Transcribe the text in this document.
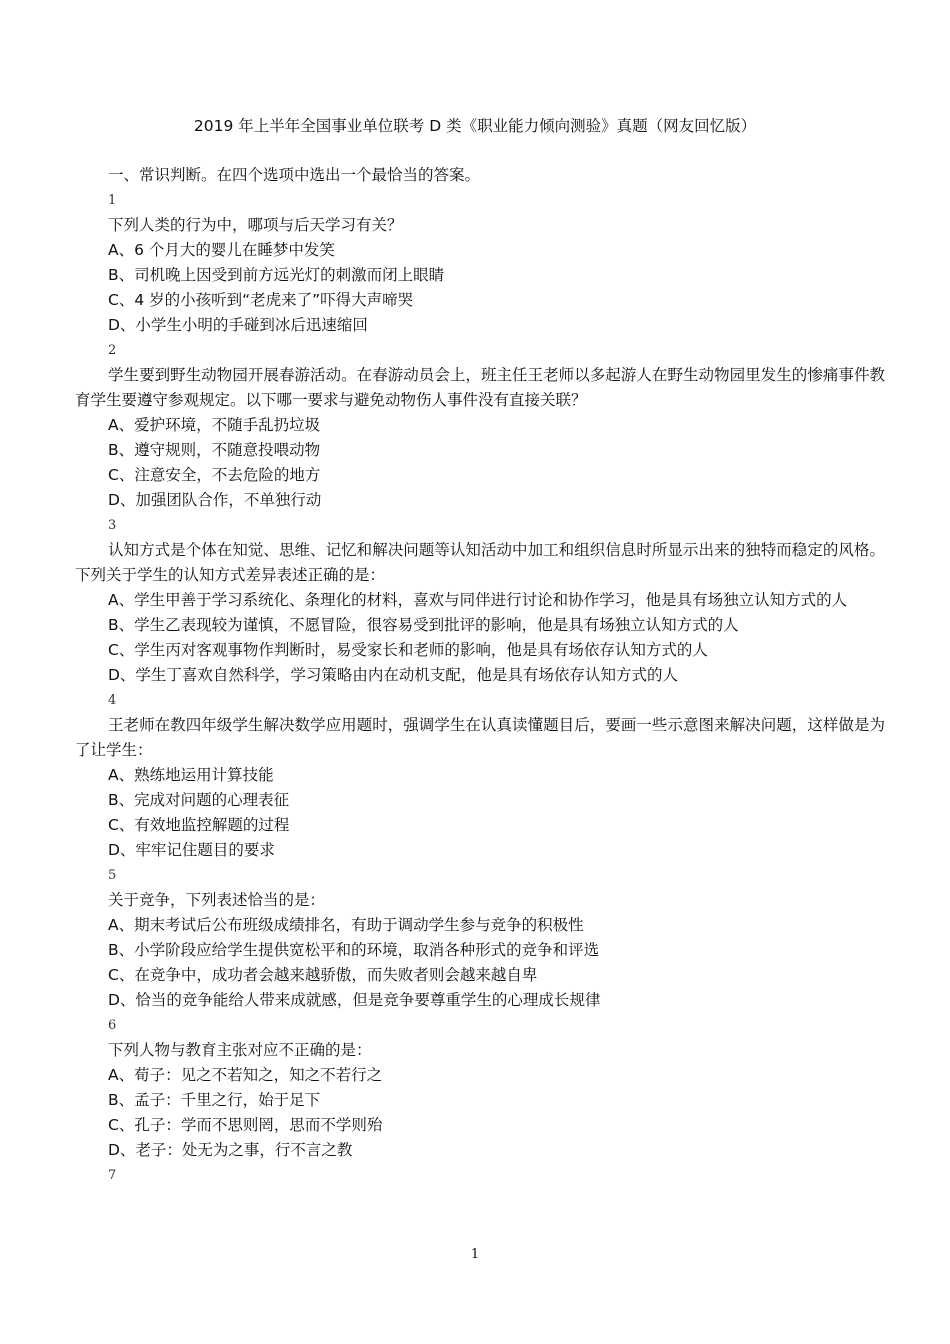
2019 年上半年全国事业单位联考 D 类《职业能力倾向测验》真题（网友回忆版）
一、常识判断。在四个选项中选出一个最恰当的答案。
1
下列人类的行为中，哪项与后天学习有关？
A、6 个月大的婴儿在睡梦中发笑
B、司机晚上因受到前方远光灯的刺激而闭上眼睛
C、4 岁的小孩听到“老虎来了”吓得大声啼哭
D、小学生小明的手碰到冰后迅速缩回
2
学生要到野生动物园开展春游活动。在春游动员会上，班主任王老师以多起游人在野生动物园里发生的惨痛事件教育学生要遵守参观规定。以下哪一要求与避免动物伤人事件没有直接关联？
A、爱护环境，不随手乱扔垃圾
B、遵守规则，不随意投喂动物
C、注意安全，不去危险的地方
D、加强团队合作，不单独行动
3
认知方式是个体在知觉、思维、记忆和解决问题等认知活动中加工和组织信息时所显示出来的独特而稳定的风格。下列关于学生的认知方式差异表述正确的是：
A、学生甲善于学习系统化、条理化的材料，喜欢与同伴进行讨论和协作学习，他是具有场独立认知方式的人
B、学生乙表现较为谨慎，不愿冒险，很容易受到批评的影响，他是具有场独立认知方式的人
C、学生丙对客观事物作判断时，易受家长和老师的影响，他是具有场依存认知方式的人
D、学生丁喜欢自然科学，学习策略由内在动机支配，他是具有场依存认知方式的人
4
王老师在教四年级学生解决数学应用题时，强调学生在认真读懂题目后，要画一些示意图来解决问题，这样做是为了让学生：
A、熟练地运用计算技能
B、完成对问题的心理表征
C、有效地监控解题的过程
D、牢牢记住题目的要求
5
关于竞争，下列表述恰当的是：
A、期末考试后公布班级成绩排名，有助于调动学生参与竞争的积极性
B、小学阶段应给学生提供宽松平和的环境，取消各种形式的竞争和评选
C、在竞争中，成功者会越来越骄傲，而失败者则会越来越自卑
D、恰当的竞争能给人带来成就感，但是竞争要尊重学生的心理成长规律
6
下列人物与教育主张对应不正确的是：
A、荀子：见之不若知之，知之不若行之
B、孟子：千里之行，始于足下
C、孔子：学而不思则罔，思而不学则殆
D、老子：处无为之事，行不言之教
7
1
